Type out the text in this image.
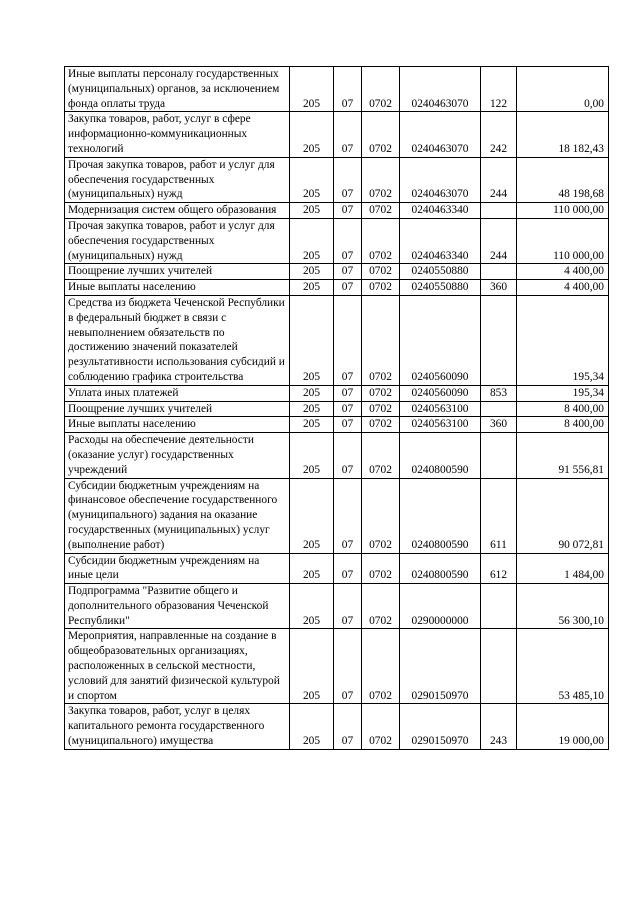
Иные выплаты персоналу государственных (муниципальных) органов, за исключением фонда оплаты труда	205	07	0702	0240463070	122	0,00
Закупка товаров, работ, услуг в сфере информационно-коммуникационных технологий	205	07	0702	0240463070	242	18 182,43
Прочая закупка товаров, работ и услуг для обеспечения государственных (муниципальных) нужд	205	07	0702	0240463070	244	48 198,68
Модернизация систем общего образования	205	07	0702	0240463340		110 000,00
Прочая закупка товаров, работ и услуг для обеспечения государственных (муниципальных) нужд	205	07	0702	0240463340	244	110 000,00
Поощрение лучших учителей	205	07	0702	0240550880		4 400,00
Иные выплаты населению	205	07	0702	0240550880	360	4 400,00
Средства из бюджета Чеченской Республики в федеральный бюджет в связи с невыполнением обязательств по достижению значений показателей результативности использования субсидий и соблюдению графика строительства	205	07	0702	0240560090		195,34
Уплата иных платежей	205	07	0702	0240560090	853	195,34
Поощрение лучших учителей	205	07	0702	0240563100		8 400,00
Иные выплаты населению	205	07	0702	0240563100	360	8 400,00
Расходы на обеспечение деятельности (оказание услуг) государственных учреждений	205	07	0702	0240800590		91 556,81
Субсидии бюджетным учреждениям на финансовое обеспечение государственного (муниципального) задания на оказание государственных (муниципальных) услуг (выполнение работ)	205	07	0702	0240800590	611	90 072,81
Субсидии бюджетным учреждениям на иные цели	205	07	0702	0240800590	612	1 484,00
Подпрограмма "Развитие общего и дополнительного образования Чеченской Республики"	205	07	0702	0290000000		56 300,10
Мероприятия, направленные на создание в общеобразовательных организациях, расположенных в сельской местности, условий для занятий физической культурой и спортом	205	07	0702	0290150970		53 485,10
Закупка товаров, работ, услуг в целях капитального ремонта государственного (муниципального) имущества	205	07	0702	0290150970	243	19 000,00
